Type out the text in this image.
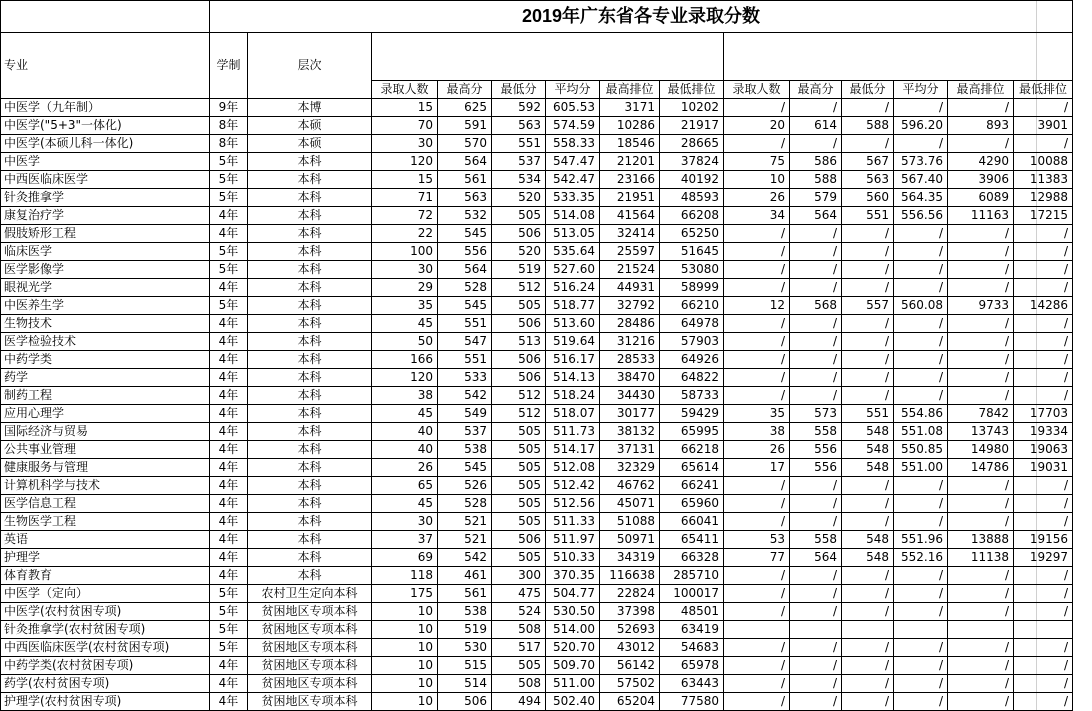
	2019年广东省各专业录取分数													
专业	学制	层次												
			录取人数	最高分	最低分	平均分	最高排位	最低排位	录取人数	最高分	最低分	平均分	最高排位	最低排位
中医学（九年制）	9年	本博	15	625	592	605.53	3171	10202	/	/	/	/	/	/
中医学("5+3"一体化)	8年	本硕	70	591	563	574.59	10286	21917	20	614	588	596.20	893	3901
中医学(本硕儿科一体化)	8年	本硕	30	570	551	558.33	18546	28665	/	/	/	/	/	/
中医学	5年	本科	120	564	537	547.47	21201	37824	75	586	567	573.76	4290	10088
中西医临床医学	5年	本科	15	561	534	542.47	23166	40192	10	588	563	567.40	3906	11383
针灸推拿学	5年	本科	71	563	520	533.35	21951	48593	26	579	560	564.35	6089	12988
康复治疗学	4年	本科	72	532	505	514.08	41564	66208	34	564	551	556.56	11163	17215
假肢矫形工程	4年	本科	22	545	506	513.05	32414	65250	/	/	/	/	/	/
临床医学	5年	本科	100	556	520	535.64	25597	51645	/	/	/	/	/	/
医学影像学	5年	本科	30	564	519	527.60	21524	53080	/	/	/	/	/	/
眼视光学	4年	本科	29	528	512	516.24	44931	58999	/	/	/	/	/	/
中医养生学	5年	本科	35	545	505	518.77	32792	66210	12	568	557	560.08	9733	14286
生物技术	4年	本科	45	551	506	513.60	28486	64978	/	/	/	/	/	/
医学检验技术	4年	本科	50	547	513	519.64	31216	57903	/	/	/	/	/	/
中药学类	4年	本科	166	551	506	516.17	28533	64926	/	/	/	/	/	/
药学	4年	本科	120	533	506	514.13	38470	64822	/	/	/	/	/	/
制药工程	4年	本科	38	542	512	518.24	34430	58733	/	/	/	/	/	/
应用心理学	4年	本科	45	549	512	518.07	30177	59429	35	573	551	554.86	7842	17703
国际经济与贸易	4年	本科	40	537	505	511.73	38132	65995	38	558	548	551.08	13743	19334
公共事业管理	4年	本科	40	538	505	514.17	37131	66218	26	556	548	550.85	14980	19063
健康服务与管理	4年	本科	26	545	505	512.08	32329	65614	17	556	548	551.00	14786	19031
计算机科学与技术	4年	本科	65	526	505	512.42	46762	66241	/	/	/	/	/	/
医学信息工程	4年	本科	45	528	505	512.56	45071	65960	/	/	/	/	/	/
生物医学工程	4年	本科	30	521	505	511.33	51088	66041	/	/	/	/	/	/
英语	4年	本科	37	521	506	511.97	50971	65411	53	558	548	551.96	13888	19156
护理学	4年	本科	69	542	505	510.33	34319	66328	77	564	548	552.16	11138	19297
体育教育	4年	本科	118	461	300	370.35	116638	285710	/	/	/	/	/	/
中医学（定向）	5年	农村卫生定向本科	175	561	475	504.77	22824	100017	/	/	/	/	/	/
中医学(农村贫困专项)	5年	贫困地区专项本科	10	538	524	530.50	37398	48501	/	/	/	/	/	/
针灸推拿学(农村贫困专项)	5年	贫困地区专项本科	10	519	508	514.00	52693	63419						
中西医临床医学(农村贫困专项)	5年	贫困地区专项本科	10	530	517	520.70	43012	54683	/	/	/	/	/	/
中药学类(农村贫困专项)	4年	贫困地区专项本科	10	515	505	509.70	56142	65978	/	/	/	/	/	/
药学(农村贫困专项)	4年	贫困地区专项本科	10	514	508	511.00	57502	63443	/	/	/	/	/	/
护理学(农村贫困专项)	4年	贫困地区专项本科	10	506	494	502.40	65204	77580	/	/	/	/	/	/
